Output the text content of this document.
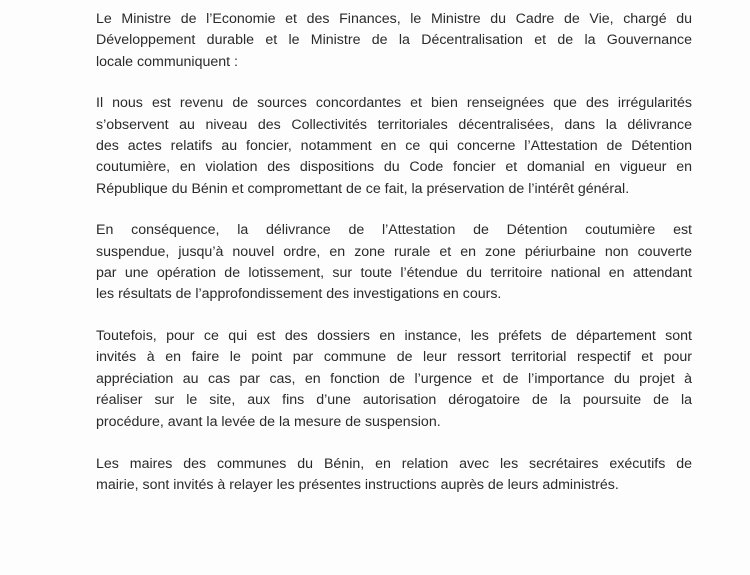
Le Ministre de l’Economie et des Finances, le Ministre du Cadre de Vie, chargé du
Développement durable et le Ministre de la Décentralisation et de la Gouvernance
locale communiquent :

Il nous est revenu de sources concordantes et bien renseignées que des irrégularités
s’observent au niveau des Collectivités territoriales décentralisées, dans la délivrance
des actes relatifs au foncier, notamment en ce qui concerne l’Attestation de Détention
coutumière, en violation des dispositions du Code foncier et domanial en vigueur en
République du Bénin et compromettant de ce fait, la préservation de l’intérêt général.

En conséquence, la délivrance de l’Attestation de Détention coutumière est
suspendue, jusqu’à nouvel ordre, en zone rurale et en zone périurbaine non couverte
par une opération de lotissement, sur toute l’étendue du territoire national en attendant
les résultats de l’approfondissement des investigations en cours.

Toutefois, pour ce qui est des dossiers en instance, les préfets de département sont
invités à en faire le point par commune de leur ressort territorial respectif et pour
appréciation au cas par cas, en fonction de l’urgence et de l’importance du projet à
réaliser sur le site, aux fins d’une autorisation dérogatoire de la poursuite de la
procédure, avant la levée de la mesure de suspension.

Les maires des communes du Bénin, en relation avec les secrétaires exécutifs de
mairie, sont invités à relayer les présentes instructions auprès de leurs administrés.
